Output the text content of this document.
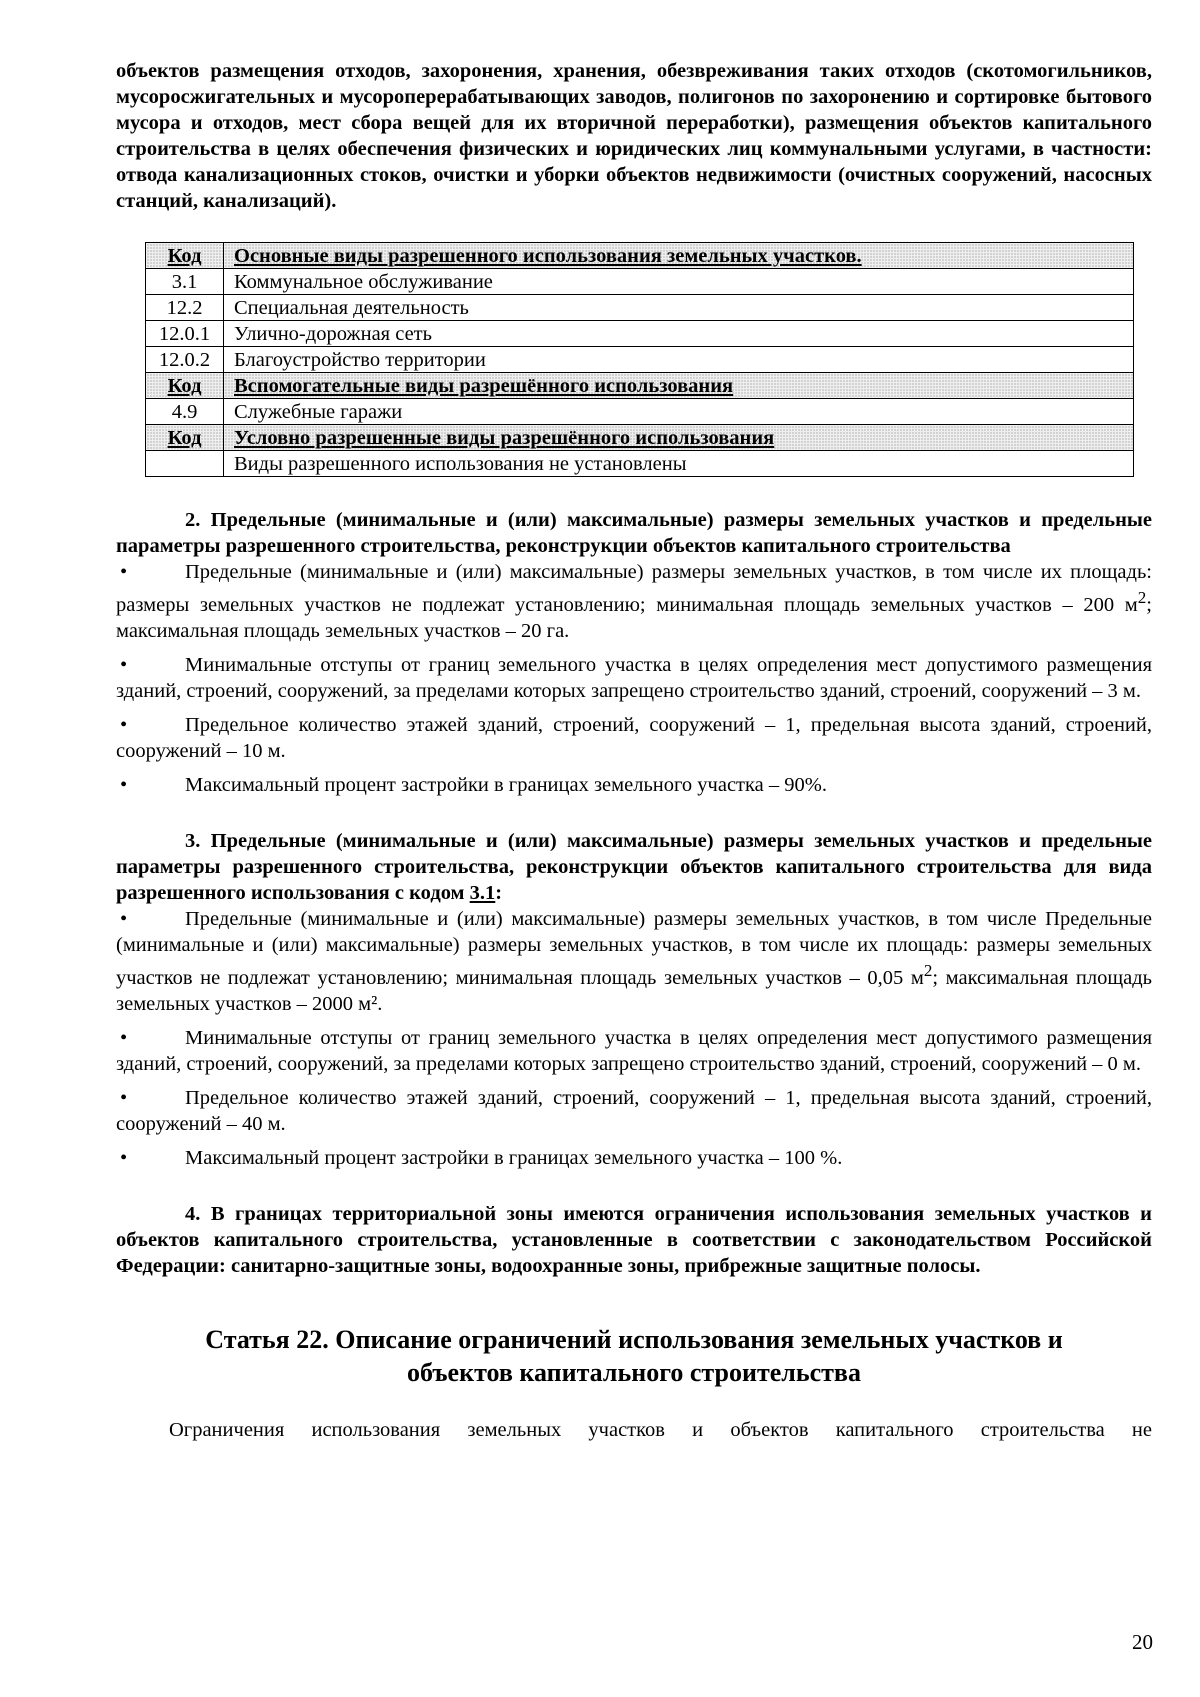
объектов размещения отходов, захоронения, хранения, обезвреживания таких отходов (скотомогильников, мусоросжигательных и мусороперерабатывающих заводов, полигонов по захоронению и сортировке бытового мусора и отходов, мест сбора вещей для их вторичной переработки), размещения объектов капитального строительства в целях обеспечения физических и юридических лиц коммунальными услугами, в частности: отвода канализационных стоков, очистки и уборки объектов недвижимости (очистных сооружений, насосных станций, канализаций).

Код	Основные виды разрешенного использования земельных участков.
3.1	Коммунальное обслуживание
12.2	Специальная деятельность
12.0.1	Улично-дорожная сеть
12.0.2	Благоустройство территории
Код	Вспомогательные виды разрешённого использования
4.9	Служебные гаражи
Код	Условно разрешенные виды разрешённого использования
	Виды разрешенного использования не установлены

2. Предельные (минимальные и (или) максимальные) размеры земельных участков и предельные параметры разрешенного строительства, реконструкции объектов капитального строительства

•	Предельные (минимальные и (или) максимальные) размеры земельных участков, в том числе их площадь: размеры земельных участков не подлежат установлению; минимальная площадь земельных участков – 200 $м^2$; максимальная площадь земельных участков – 20 га.

•	Минимальные отступы от границ земельного участка в целях определения мест допустимого размещения зданий, строений, сооружений, за пределами которых запрещено строительство зданий, строений, сооружений – 3 м.

•	Предельное количество этажей зданий, строений, сооружений – 1, предельная высота зданий, строений, сооружений – 10 м.

•	Максимальный процент застройки в границах земельного участка – 90%.

3. Предельные (минимальные и (или) максимальные) размеры земельных участков и предельные параметры разрешенного строительства, реконструкции объектов капитального строительства для вида разрешенного использования с кодом 3.1:

•	Предельные (минимальные и (или) максимальные) размеры земельных участков, в том числе Предельные (минимальные и (или) максимальные) размеры земельных участков, в том числе их площадь: размеры земельных участков не подлежат установлению; минимальная площадь земельных участков – 0,05 $м^2$; максимальная площадь земельных участков – 2000 м².

•	Минимальные отступы от границ земельного участка в целях определения мест допустимого размещения зданий, строений, сооружений, за пределами которых запрещено строительство зданий, строений, сооружений – 0 м.

•	Предельное количество этажей зданий, строений, сооружений – 1, предельная высота зданий, строений, сооружений – 40 м.

•	Максимальный процент застройки в границах земельного участка – 100 %.

4. В границах территориальной зоны имеются ограничения использования земельных участков и объектов капитального строительства, установленные в соответствии с законодательством Российской Федерации: санитарно-защитные зоны, водоохранные зоны, прибрежные защитные полосы.

Статья 22. Описание ограничений использования земельных участков и
объектов капитального строительства

Ограничения использования земельных участков и объектов капитального строительства не

20
